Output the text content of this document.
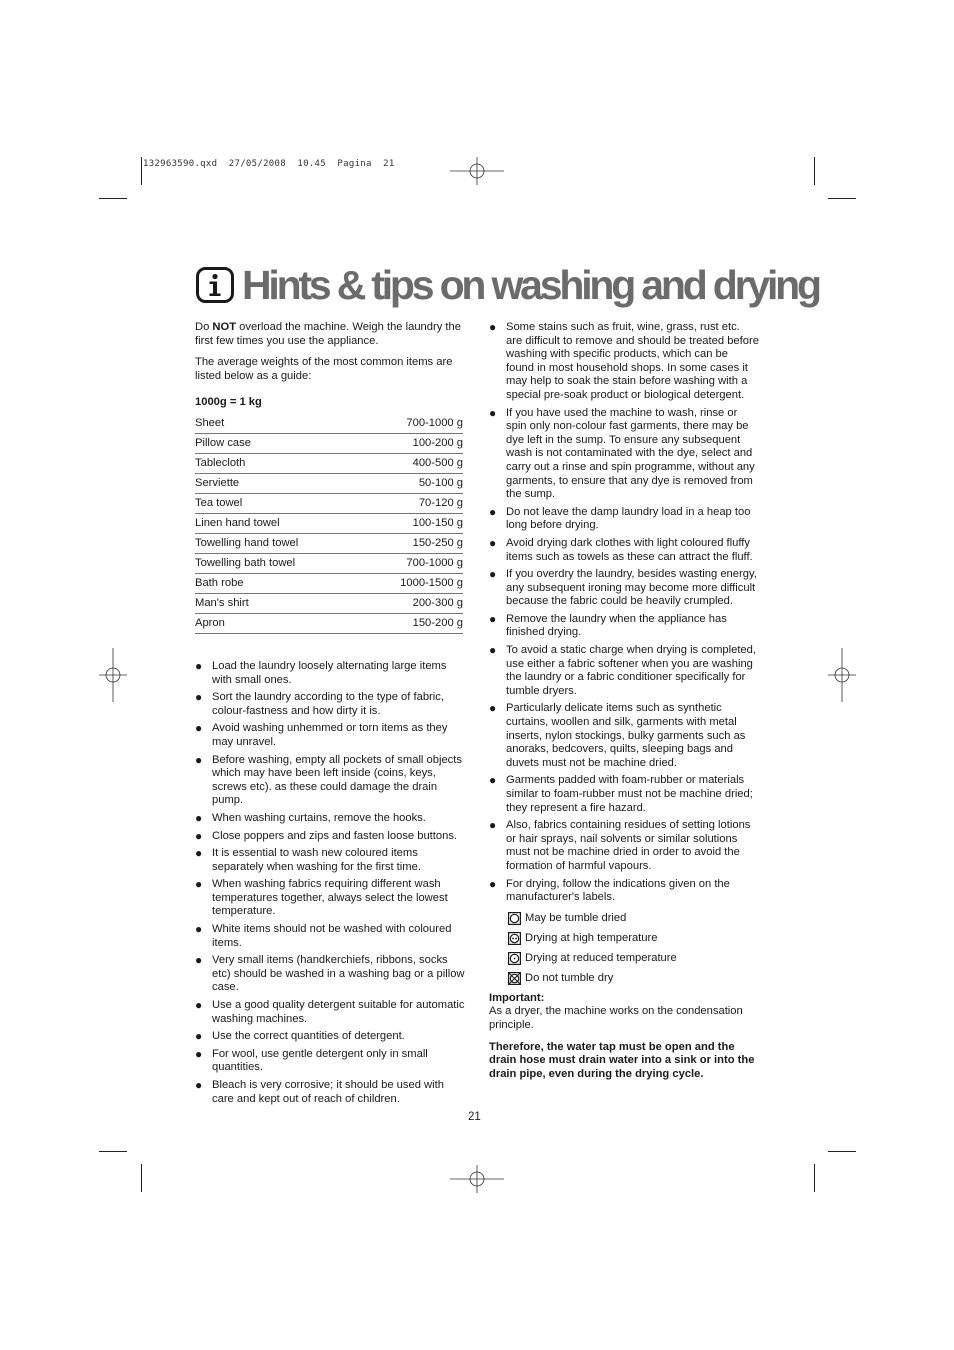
132963590.qxd  27/05/2008  10.45  Pagina  21
Hints & tips on washing and drying

Do NOT overload the machine. Weigh the laundry the first few times you use the appliance.

The average weights of the most common items are listed below as a guide:

1000g = 1 kg
Sheet	700-1000 g
Pillow case	100-200 g
Tablecloth	400-500 g
Serviette	50-100 g
Tea towel	70-120 g
Linen hand towel	100-150 g
Towelling hand towel	150-250 g
Towelling bath towel	700-1000 g
Bath robe	1000-1500 g
Man's shirt	200-300 g
Apron	150-200 g
● Load the laundry loosely alternating large items with small ones.
● Sort the laundry according to the type of fabric, colour-fastness and how dirty it is.
● Avoid washing unhemmed or torn items as they may unravel.
● Before washing, empty all pockets of small objects which may have been left inside (coins, keys, screws etc). as these could damage the drain pump.
● When washing curtains, remove the hooks.
● Close poppers and zips and fasten loose buttons.
● It is essential to wash new coloured items separately when washing for the first time.
● When washing fabrics requiring different wash temperatures together, always select the lowest temperature.
● White items should not be washed with coloured items.
● Very small items (handkerchiefs, ribbons, socks etc) should be washed in a washing bag or a pillow case.
● Use a good quality detergent suitable for automatic washing machines.
● Use the correct quantities of detergent.
● For wool, use gentle detergent only in small quantities.
● Bleach is very corrosive; it should be used with care and kept out of reach of children.
● Some stains such as fruit, wine, grass, rust etc. are difficult to remove and should be treated before washing with specific products, which can be found in most household shops. In some cases it may help to soak the stain before washing with a special pre-soak product or biological detergent.
● If you have used the machine to wash, rinse or spin only non-colour fast garments, there may be dye left in the sump. To ensure any subsequent wash is not contaminated with the dye, select and carry out a rinse and spin programme, without any garments, to ensure that any dye is removed from the sump.
● Do not leave the damp laundry load in a heap too long before drying.
● Avoid drying dark clothes with light coloured fluffy items such as towels as these can attract the fluff.
● If you overdry the laundry, besides wasting energy, any subsequent ironing may become more difficult because the fabric could be heavily crumpled.
● Remove the laundry when the appliance has finished drying.
● To avoid a static charge when drying is completed, use either a fabric softener when you are washing the laundry or a fabric conditioner specifically for tumble dryers.
● Particularly delicate items such as synthetic curtains, woollen and silk, garments with metal inserts, nylon stockings, bulky garments such as anoraks, bedcovers, quilts, sleeping bags and duvets must not be machine dried.
● Garments padded with foam-rubber or materials similar to foam-rubber must not be machine dried; they represent a fire hazard.
● Also, fabrics containing residues of setting lotions or hair sprays, nail solvents or similar solutions must not be machine dried in order to avoid the formation of harmful vapours.
● For drying, follow the indications given on the manufacturer's labels.
May be tumble dried
Drying at high temperature
Drying at reduced temperature
Do not tumble dry
Important:

As a dryer, the machine works on the condensation principle.

Therefore, the water tap must be open and the drain hose must drain water into a sink or into the drain pipe, even during the drying cycle.

21
